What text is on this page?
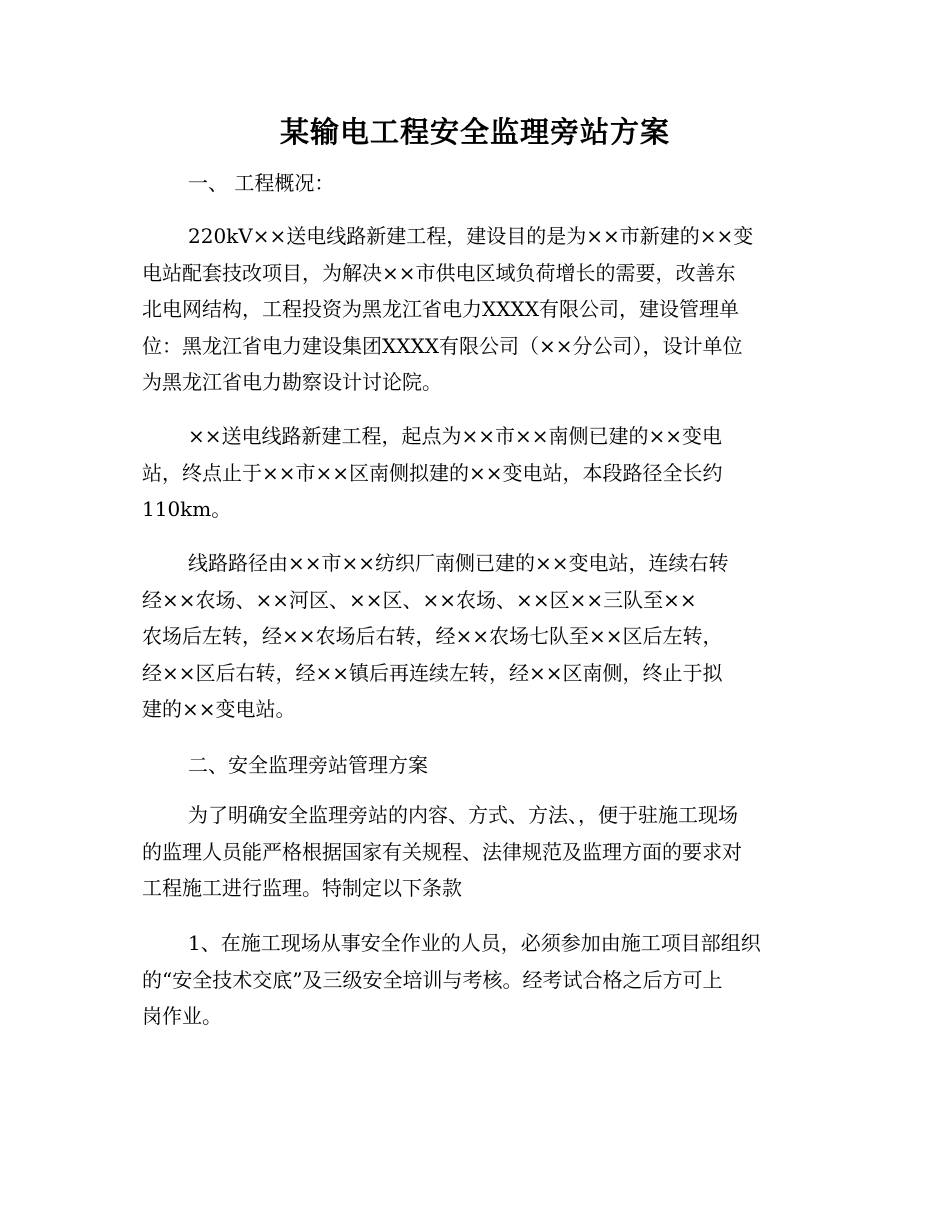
某输电工程安全监理旁站方案
一、 工程概况：
220kV××送电线路新建工程，建设目的是为××市新建的××变
电站配套技改项目，为解决××市供电区域负荷增长的需要，改善东
北电网结构，工程投资为黑龙江省电力XXXX有限公司，建设管理单
位：黑龙江省电力建设集团XXXX有限公司（××分公司），设计单位
为黑龙江省电力勘察设计讨论院。
××送电线路新建工程，起点为××市××南侧已建的××变电
站，终点止于××市××区南侧拟建的××变电站，本段路径全长约
110km。
线路路径由××市××纺织厂南侧已建的××变电站，连续右转
经××农场、××河区、××区、××农场、××区××三队至××
农场后左转，经××农场后右转，经××农场七队至××区后左转，
经××区后右转，经××镇后再连续左转，经××区南侧，终止于拟
建的××变电站。
二、安全监理旁站管理方案
为了明确安全监理旁站的内容、方式、方法、，便于驻施工现场
的监理人员能严格根据国家有关规程、法律规范及监理方面的要求对
工程施工进行监理。特制定以下条款
1、在施工现场从事安全作业的人员，必须参加由施工项目部组织
的“安全技术交底”及三级安全培训与考核。经考试合格之后方可上
岗作业。
